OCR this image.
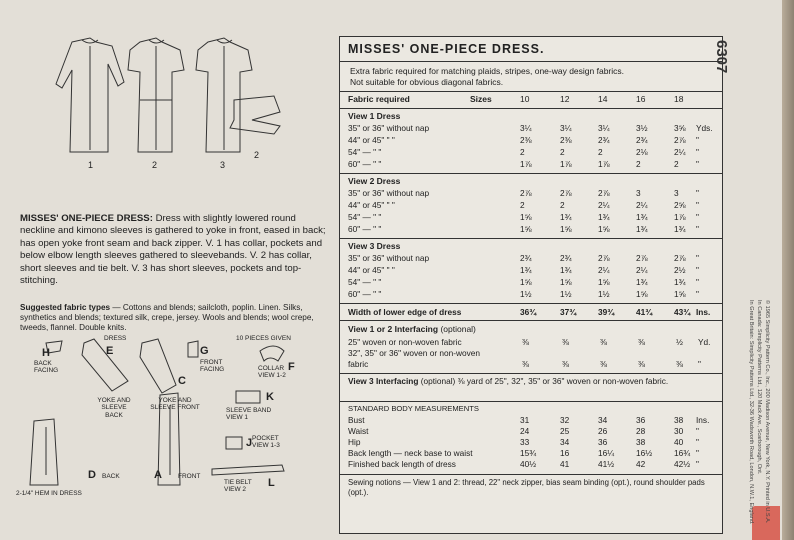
1	2	3
2
MISSES' ONE-PIECE DRESS: Dress with slightly lowered round neckline and kimono sleeves is gathered to yoke in front, eased in back; has open yoke front seam and back zipper. V. 1 has collar, pockets and below elbow length sleeves gathered to sleevebands. V. 2 has collar, short sleeves and tie belt. V. 3 has short sleeves, pockets and top-stitching.
Suggested fabric types — Cottons and blends; sailcloth, poplin. Linen. Silks, synthetics and blends; textured silk, crepe, jersey. Wools and blends; wool crepe, tweeds, flannel. Double knits.
DRESS	10 PIECES GIVEN
H
BACK FACING
E
YOKE AND SLEEVE BACK
C
YOKE AND SLEEVE FRONT
G
FRONT FACING	F
COLLAR VIEW 1-2
K
SLEEVE BAND VIEW 1
J POCKET VIEW 1-3
D BACK	A FRONT
L
TIE BELT VIEW 2
2-1/4" HEM IN DRESS
MISSES' ONE-PIECE DRESS.
Extra fabric required for matching plaids, stripes, one-way design fabrics.
Not suitable for obvious diagonal fabrics.
Fabric required	Sizes	10	12	14	16	18
View 1 Dress
35" or 36" without nap	3¼	3¼	3¼	3½	3⅝ Yds.
44" or 45" " "	2⅜	2⅜	2¾	2¾	2⅞ "
54" — " "	2	2	2	2⅛	2¼ "
60" — " "	1⅞	1⅞	1⅞	2	2 "
View 2 Dress
35" or 36" without nap	2⅞	2⅞	2⅞	3	3 "
44" or 45" " "	2	2	2¼	2¼	2⅝ "
54" — " "	1⅝	1¾	1¾	1¾	1⅞ "
60" — " "	1⅝	1⅝	1⅝	1¾	1¾ "
View 3 Dress
35" or 36" without nap	2¾	2¾	2⅞	2⅞	2⅞ "
44" or 45" " "	1¾	1¾	2¼	2¼	2½ "
54" — " "	1⅝	1⅝	1⅝	1¾	1¾ "
60" — " "	1½	1½	1½	1⅝	1⅝ "
Width of lower edge of dress	36¾	37¾	39¾	41¾	43¾ Ins.
View 1 or 2 Interfacing (optional)
25" woven or non-woven fabric	⅜	⅜	⅜	⅜	½ Yd.
32", 35" or 36" woven or non-woven
fabric	⅜	⅜	⅜	⅜	⅜ "
View 3 Interfacing (optional) ⅜ yard of 25", 32", 35" or 36" woven or non-woven fabric.
STANDARD BODY MEASUREMENTS
Bust	31	32	34	36	38 Ins.
Waist	24	25	26	28	30 "
Hip	33	34	36	38	40 "
Back length — neck base to waist	15¾	16	16¼	16½	16¾ "
Finished back length of dress	40½	41	41½	42	42½ "
Sewing notions — View 1 and 2: thread, 22" neck zipper, bias seam binding (opt.), round shoulder pads (opt.).
6307
© 1965 Simplicity Pattern Co., Inc., 200 Madison Avenue, New York, N.Y. Printed in U.S.A.
In Canada: Simplicity Patterns Ltd., 120 Mack Ave., Scarborough, Ont.
In Great Britain: Simplicity Patterns Ltd., 32-36 Wadsworth Road, London, N.W.1, England.
